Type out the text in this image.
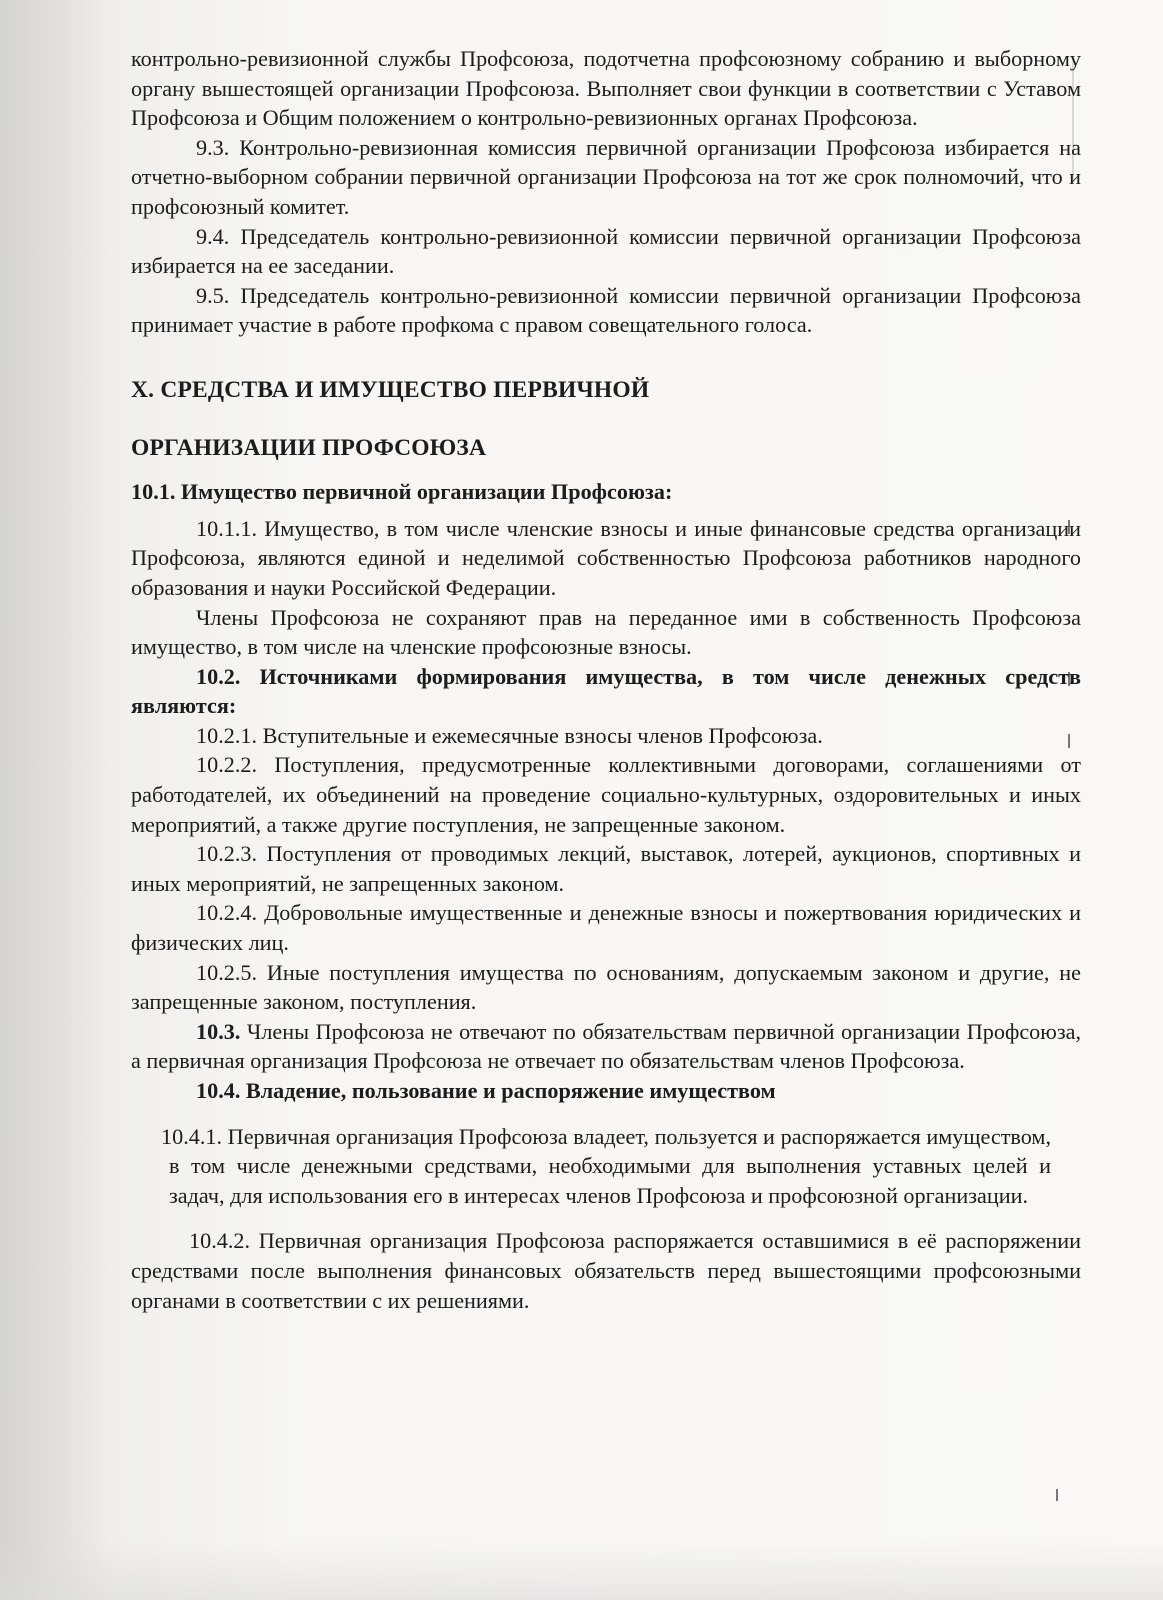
контрольно-ревизионной службы Профсоюза, подотчетна профсоюзному собранию и выборному органу вышестоящей организации Профсоюза. Выполняет свои функции в соответствии с Уставом Профсоюза и Общим положением о контрольно-ревизионных органах Профсоюза.

9.3. Контрольно-ревизионная комиссия первичной организации Профсоюза избирается на отчетно-выборном собрании первичной организации Профсоюза на тот же срок полномочий, что и профсоюзный комитет.

9.4. Председатель контрольно-ревизионной комиссии первичной организации Профсоюза избирается на ее заседании.

9.5. Председатель контрольно-ревизионной комиссии первичной организации Профсоюза принимает участие в работе профкома с правом совещательного голоса.

X. СРЕДСТВА И ИМУЩЕСТВО ПЕРВИЧНОЙ

ОРГАНИЗАЦИИ ПРОФСОЮЗА

10.1. Имущество первичной организации Профсоюза:

10.1.1. Имущество, в том числе членские взносы и иные финансовые средства организации Профсоюза, являются единой и неделимой собственностью Профсоюза работников народного образования и науки Российской Федерации.

Члены Профсоюза не сохраняют прав на переданное ими в собственность Профсоюза имущество, в том числе на членские профсоюзные взносы.

10.2. Источниками формирования имущества, в том числе денежных средств являются:

10.2.1. Вступительные и ежемесячные взносы членов Профсоюза.

10.2.2. Поступления, предусмотренные коллективными договорами, соглашениями от работодателей, их объединений на проведение социально-культурных, оздоровительных и иных мероприятий, а также другие поступления, не запрещенные законом.

10.2.3. Поступления от проводимых лекций, выставок, лотерей, аукционов, спортивных и иных мероприятий, не запрещенных законом.

10.2.4. Добровольные имущественные и денежные взносы и пожертвования юридических и физических лиц.

10.2.5. Иные поступления имущества по основаниям, допускаемым законом и другие, не запрещенные законом, поступления.

10.3. Члены Профсоюза не отвечают по обязательствам первичной организации Профсоюза, а первичная организация Профсоюза не отвечает по обязательствам членов Профсоюза.

10.4. Владение, пользование и распоряжение имуществом

10.4.1. Первичная организация Профсоюза владеет, пользуется и распоряжается имуществом, в том числе денежными средствами, необходимыми для выполнения уставных целей и задач, для использования его в интересах членов Профсоюза и профсоюзной организации.

10.4.2. Первичная организация Профсоюза распоряжается оставшимися в её распоряжении средствами после выполнения финансовых обязательств перед вышестоящими профсоюзными органами в соответствии с их решениями.
